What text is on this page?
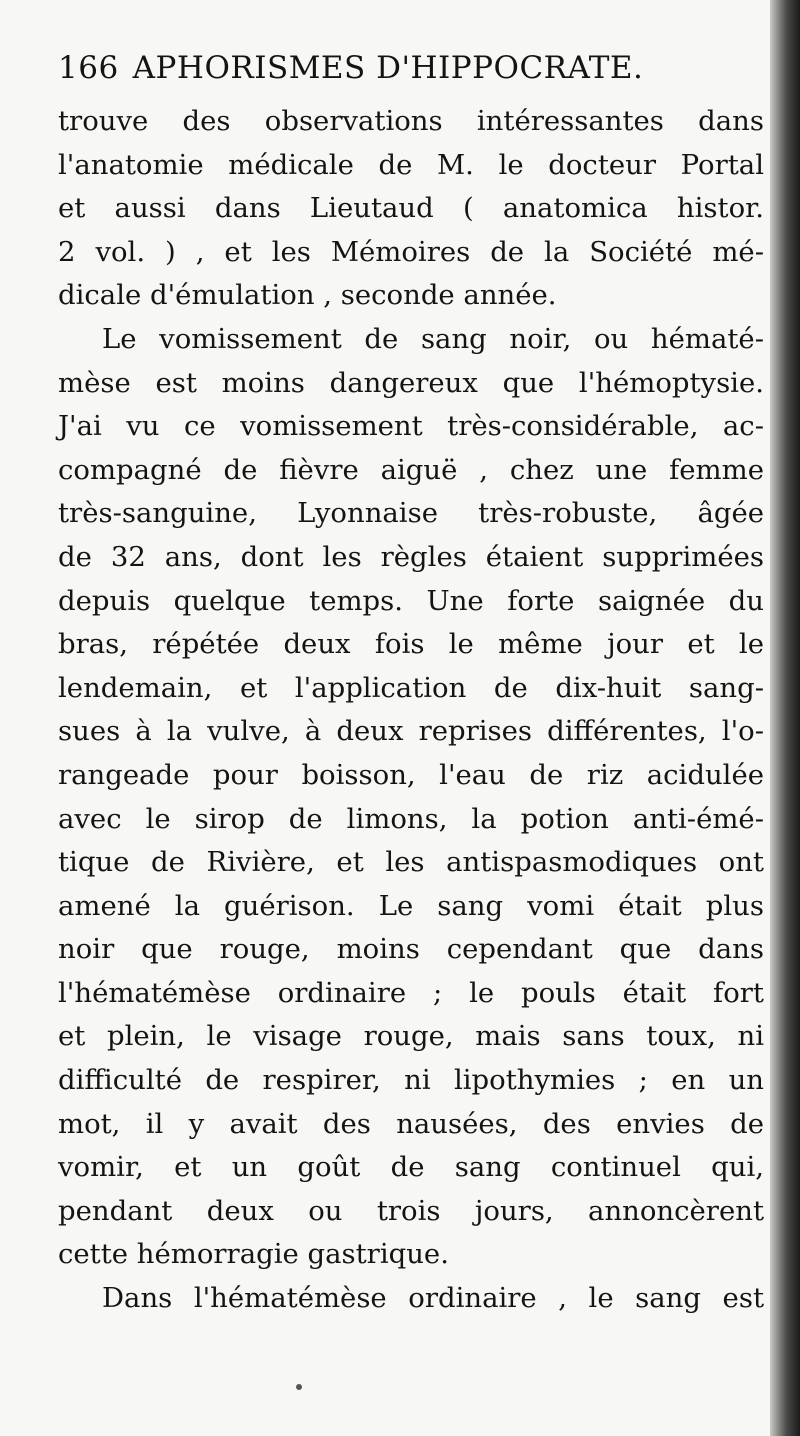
166 APHORISMES D'HIPPOCRATE.
trouve des observations intéressantes dans
l'anatomie médicale de M. le docteur Portal
et aussi dans Lieutaud ( anatomica histor.
2 vol. ) , et les Mémoires de la Société mé-
dicale d'émulation , seconde année.
Le vomissement de sang noir, ou hématé-
mèse est moins dangereux que l'hémoptysie.
J'ai vu ce vomissement très-considérable, ac-
compagné de fièvre aiguë , chez une femme
très-sanguine, Lyonnaise très-robuste, âgée
de 32 ans, dont les règles étaient supprimées
depuis quelque temps. Une forte saignée du
bras, répétée deux fois le même jour et le
lendemain, et l'application de dix-huit sang-
sues à la vulve, à deux reprises différentes, l'o-
rangeade pour boisson, l'eau de riz acidulée
avec le sirop de limons, la potion anti-émé-
tique de Rivière, et les antispasmodiques ont
amené la guérison. Le sang vomi était plus
noir que rouge, moins cependant que dans
l'hématémèse ordinaire ; le pouls était fort
et plein, le visage rouge, mais sans toux, ni
difficulté de respirer, ni lipothymies ; en un
mot, il y avait des nausées, des envies de
vomir, et un goût de sang continuel qui,
pendant deux ou trois jours, annoncèrent
cette hémorragie gastrique.
Dans l'hématémèse ordinaire , le sang est
